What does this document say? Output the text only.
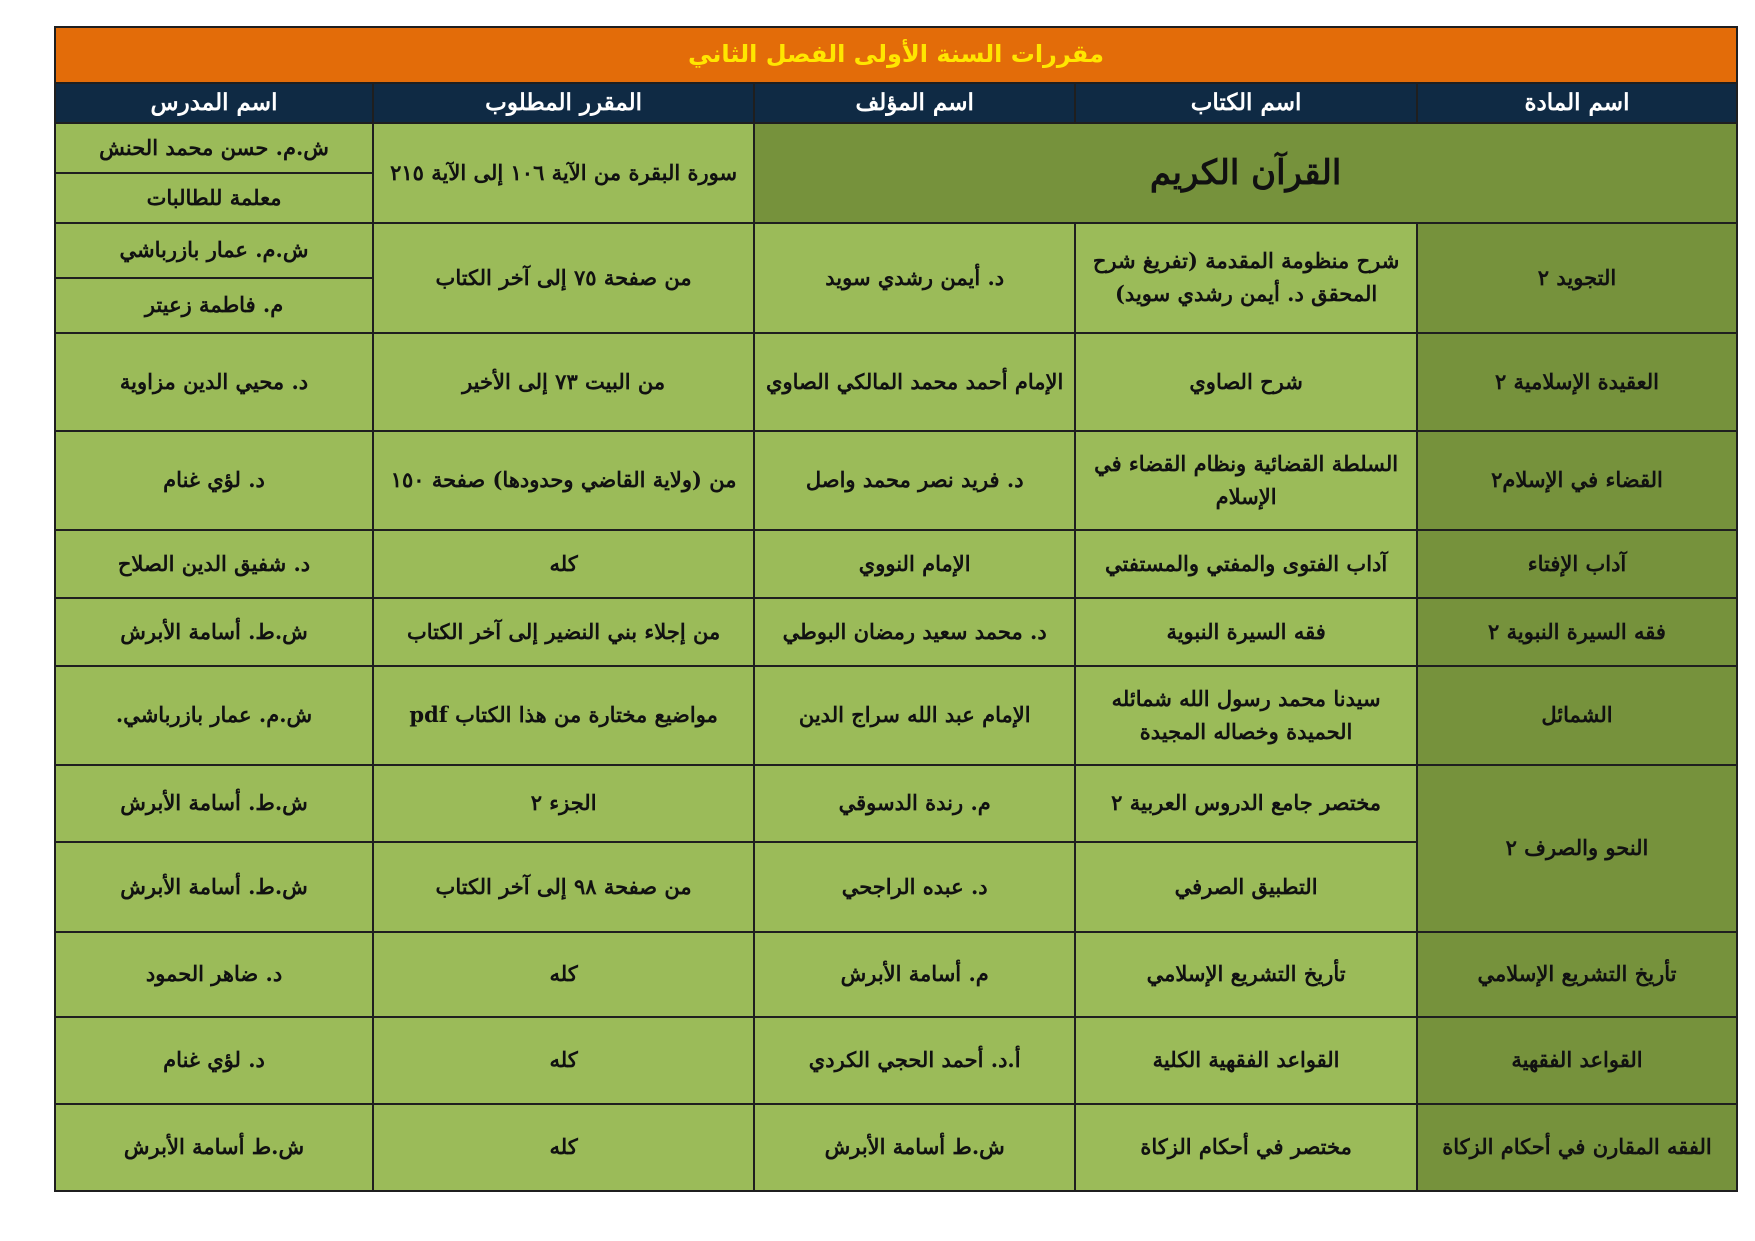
مقررات السنة الأولى الفصل الثاني				
اسم المادة	اسم الكتاب	اسم المؤلف	المقرر المطلوب	اسم المدرس
القرآن الكريم			سورة البقرة من الآية ١٠٦ إلى الآية ٢١٥	ش.م. حسن محمد الحنش
				معلمة للطالبات
التجويد ٢	شرح منظومة المقدمة (تفريغ شرح المحقق د. أيمن رشدي سويد)	د. أيمن رشدي سويد	من صفحة ٧٥ إلى آخر الكتاب	ش.م. عمار بازرباشي
				م. فاطمة زعيتر
العقيدة الإسلامية ٢	شرح الصاوي	الإمام أحمد محمد المالكي الصاوي	من البيت ٧٣ إلى الأخير	د. محيي الدين مزاوية
القضاء في الإسلام٢	السلطة القضائية ونظام القضاء في الإسلام	د. فريد نصر محمد واصل	من (ولاية القاضي وحدودها) صفحة ١٥٠	د. لؤي غنام
آداب الإفتاء	آداب الفتوى والمفتي والمستفتي	الإمام النووي	كله	د. شفيق الدين الصلاح
فقه السيرة النبوية ٢	فقه السيرة النبوية	د. محمد سعيد رمضان البوطي	من إجلاء بني النضير إلى آخر الكتاب	ش.ط. أسامة الأبرش
الشمائل	سيدنا محمد رسول الله شمائله الحميدة وخصاله المجيدة	الإمام عبد الله سراج الدين	مواضيع مختارة من هذا الكتاب pdf	ش.م. عمار بازرباشي.
النحو والصرف ٢	مختصر جامع الدروس العربية ٢	م. رندة الدسوقي	الجزء ٢	ش.ط. أسامة الأبرش
	التطبيق الصرفي	د. عبده الراجحي	من صفحة ٩٨ إلى آخر الكتاب	ش.ط. أسامة الأبرش
تأريخ التشريع الإسلامي	تأريخ التشريع الإسلامي	م. أسامة الأبرش	كله	د. ضاهر الحمود
القواعد الفقهية	القواعد الفقهية الكلية	أ.د. أحمد الحجي الكردي	كله	د. لؤي غنام
الفقه المقارن في أحكام الزكاة	مختصر في أحكام الزكاة	ش.ط أسامة الأبرش	كله	ش.ط أسامة الأبرش
